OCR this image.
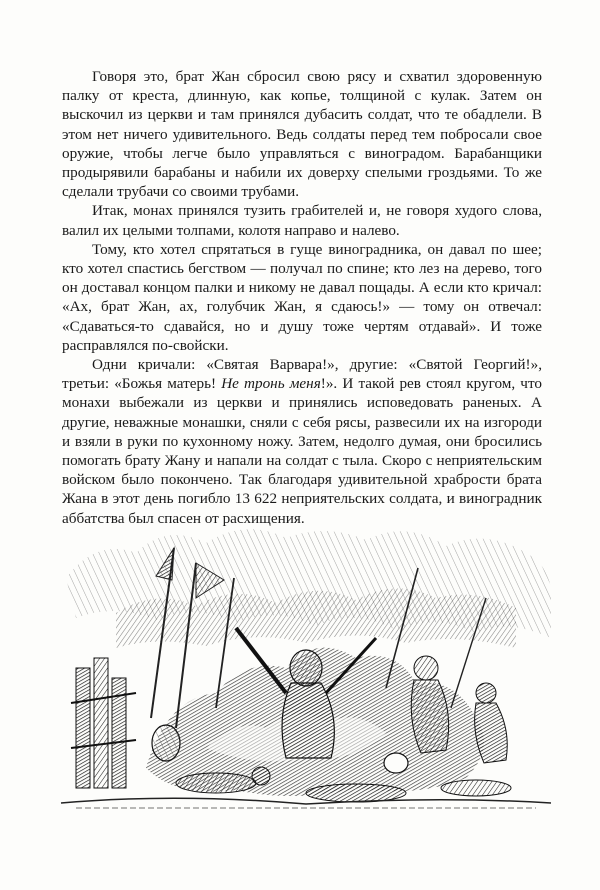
Говоря это, брат Жан сбросил свою рясу и схватил здоровенную палку от креста, длинную, как копье, толщиной с кулак. Затем он выскочил из церкви и там принялся дубасить солдат, что те обадлели. В этом нет ничего удивительного. Ведь солдаты перед тем побросали свое оружие, чтобы легче было управляться с виноградом. Барабанщики продырявили барабаны и набили их доверху спелыми гроздьями. То же сделали трубачи со своими трубами.

Итак, монах принялся тузить грабителей и, не говоря худого слова, валил их целыми толпами, колотя направо и налево.

Тому, кто хотел спрятаться в гуще виноградника, он давал по шее; кто хотел спастись бегством — получал по спине; кто лез на дерево, того он доставал концом палки и никому не давал пощады. А если кто кричал: «Ах, брат Жан, ах, голубчик Жан, я сдаюсь!» — тому он отвечал: «Сдаваться-то сдавайся, но и душу тоже чертям отдавай». И тоже расправлялся по-свойски.

Одни кричали: «Святая Варвара!», другие: «Святой Георгий!», третьи: «Божья матерь! Не тронь меня!». И такой рев стоял кругом, что монахи выбежали из церкви и принялись исповедовать раненых. А другие, неважные монашки, сняли с себя рясы, развесили их на изгороди и взяли в руки по кухонному ножу. Затем, недолго думая, они бросились помогать брату Жану и напали на солдат с тыла. Скоро с неприятельским войском было покончено. Так благодаря удивительной храбрости брата Жана в этот день погибло 13 622 неприятельских солдата, и виноградник аббатства был спасен от расхищения.
